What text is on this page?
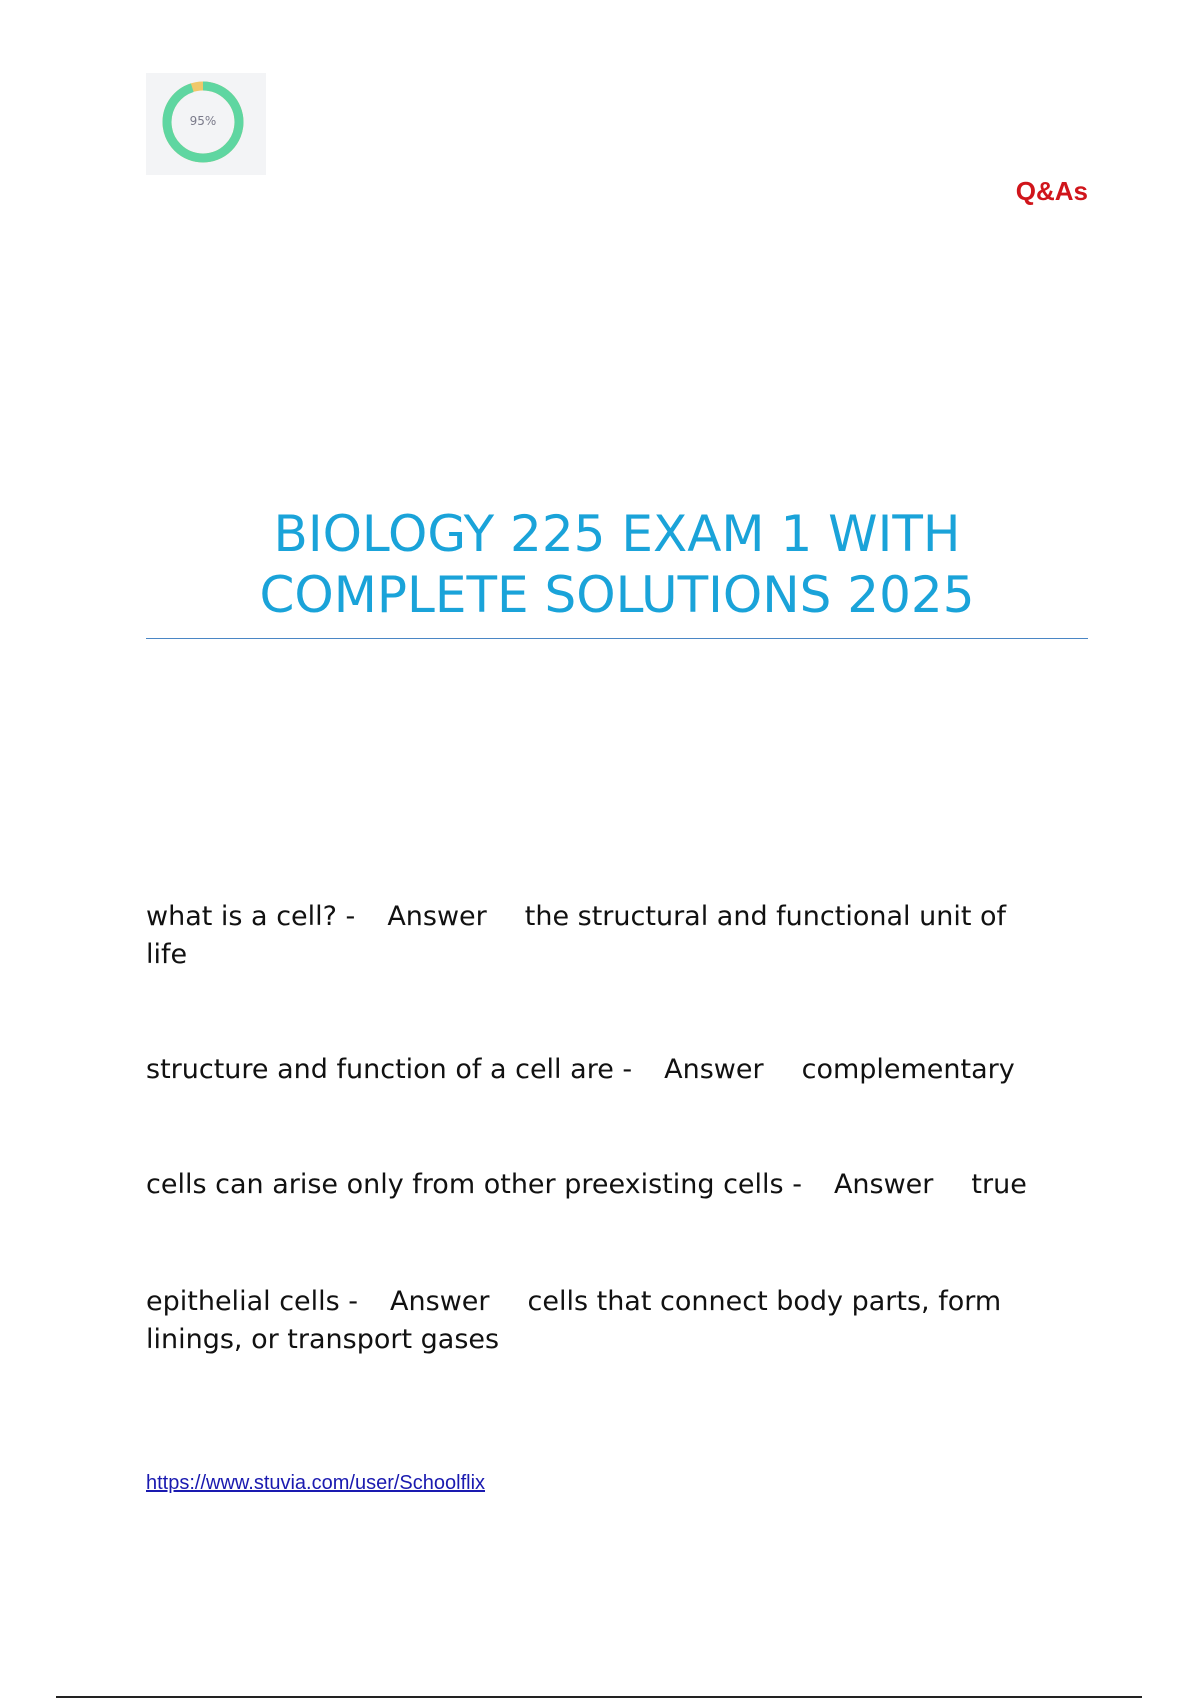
95%
Q&As
BIOLOGY 225 EXAM 1 WITH
COMPLETE SOLUTIONS 2025

what is a cell? - Answer the structural and functional unit of
life

structure and function of a cell are - Answer complementary

cells can arise only from other preexisting cells - Answer true

epithelial cells - Answer cells that connect body parts, form
linings, or transport gases

https://www.stuvia.com/user/Schoolflix
